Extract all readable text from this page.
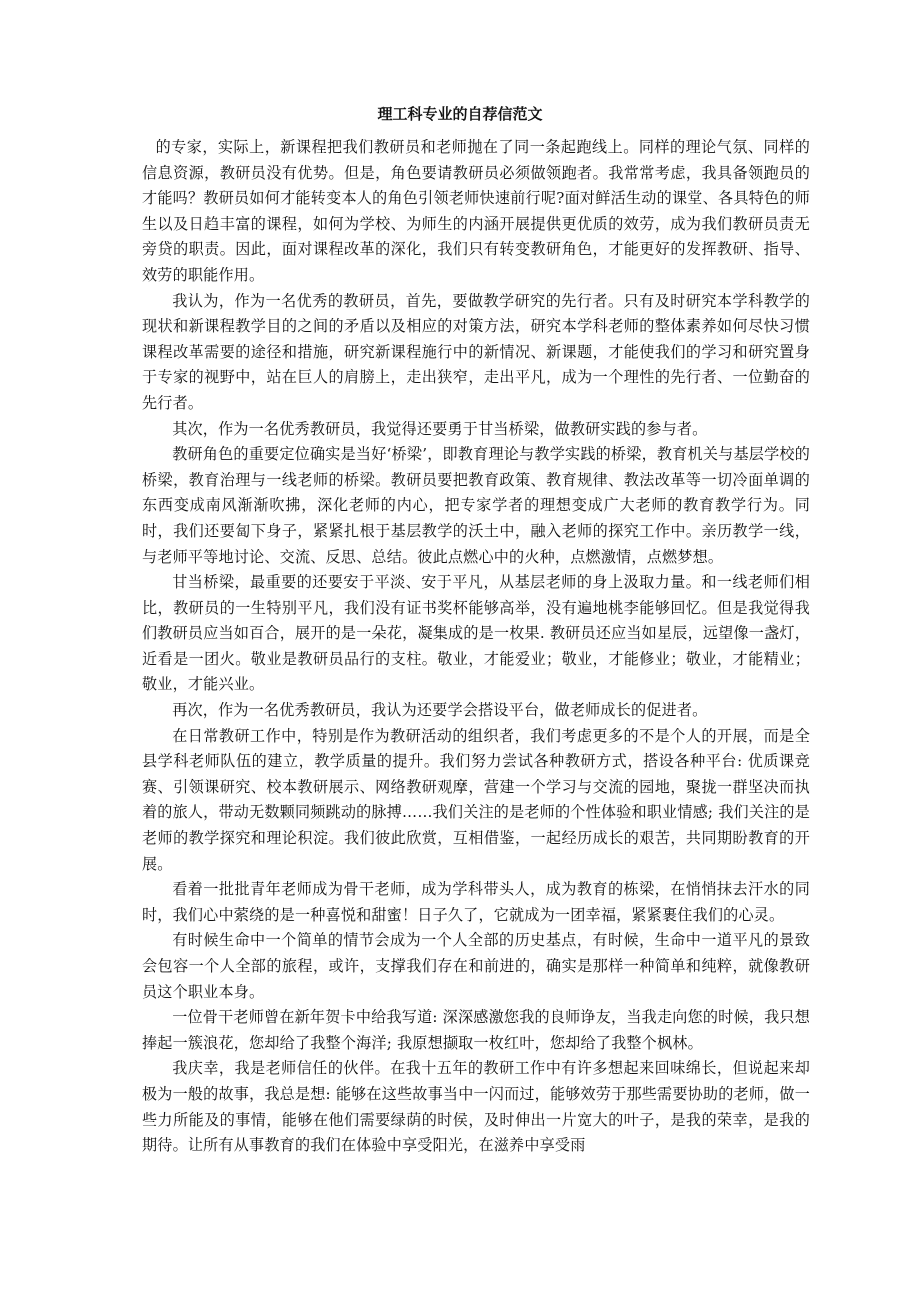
理工科专业的自荐信范文

的专家，实际上，新课程把我们教研员和老师抛在了同一条起跑线上。同样的理论气氛、同样的信息资源，教研员没有优势。但是，角色要请教研员必须做领跑者。我常常考虑，我具备领跑员的才能吗？教研员如何才能转变本人的角色引领老师快速前行呢?面对鲜活生动的课堂、各具特色的师生以及日趋丰富的课程，如何为学校、为师生的内涵开展提供更优质的效劳，成为我们教研员责无旁贷的职责。因此，面对课程改革的深化，我们只有转变教研角色，才能更好的发挥教研、指导、效劳的职能作用。

我认为，作为一名优秀的教研员，首先，要做教学研究的先行者。只有及时研究本学科教学的现状和新课程教学目的之间的矛盾以及相应的对策方法，研究本学科老师的整体素养如何尽快习惯课程改革需要的途径和措施，研究新课程施行中的新情况、新课题，才能使我们的学习和研究置身于专家的视野中，站在巨人的肩膀上，走出狭窄，走出平凡，成为一个理性的先行者、一位勤奋的先行者。

其次，作为一名优秀教研员，我觉得还要勇于甘当桥梁，做教研实践的参与者。

教研角色的重要定位确实是当好‘桥梁’，即教育理论与教学实践的桥梁，教育机关与基层学校的桥梁，教育治理与一线老师的桥梁。教研员要把教育政策、教育规律、教法改革等一切冷面单调的东西变成南风渐渐吹拂，深化老师的内心，把专家学者的理想变成广大老师的教育教学行为。同时，我们还要匐下身子，紧紧扎根于基层教学的沃土中，融入老师的探究工作中。亲历教学一线，与老师平等地讨论、交流、反思、总结。彼此点燃心中的火种，点燃激情，点燃梦想。

甘当桥梁，最重要的还要安于平淡、安于平凡，从基层老师的身上汲取力量。和一线老师们相比，教研员的一生特别平凡，我们没有证书奖杯能够高举，没有遍地桃李能够回忆。但是我觉得我们教研员应当如百合，展开的是一朵花，凝集成的是一枚果. 教研员还应当如星辰，远望像一盏灯，近看是一团火。敬业是教研员品行的支柱。敬业，才能爱业；敬业，才能修业；敬业，才能精业；敬业，才能兴业。

再次，作为一名优秀教研员，我认为还要学会搭设平台，做老师成长的促进者。

在日常教研工作中，特别是作为教研活动的组织者，我们考虑更多的不是个人的开展，而是全县学科老师队伍的建立，教学质量的提升。我们努力尝试各种教研方式，搭设各种平台: 优质课竞赛、引领课研究、校本教研展示、网络教研观摩，营建一个学习与交流的园地，聚拢一群坚决而执着的旅人，带动无数颗同频跳动的脉搏……我们关注的是老师的个性体验和职业情感; 我们关注的是老师的教学探究和理论积淀。我们彼此欣赏，互相借鉴，一起经历成长的艰苦，共同期盼教育的开展。

看着一批批青年老师成为骨干老师，成为学科带头人，成为教育的栋梁，在悄悄抹去汗水的同时，我们心中萦绕的是一种喜悦和甜蜜！日子久了，它就成为一团幸福，紧紧裹住我们的心灵。

有时候生命中一个简单的情节会成为一个人全部的历史基点，有时候，生命中一道平凡的景致会包容一个人全部的旅程，或许，支撑我们存在和前进的，确实是那样一种简单和纯粹，就像教研员这个职业本身。

一位骨干老师曾在新年贺卡中给我写道: 深深感激您我的良师诤友，当我走向您的时候，我只想捧起一簇浪花，您却给了我整个海洋; 我原想撷取一枚红叶，您却给了我整个枫林。

我庆幸，我是老师信任的伙伴。在我十五年的教研工作中有许多想起来回味绵长，但说起来却极为一般的故事，我总是想: 能够在这些故事当中一闪而过，能够效劳于那些需要协助的老师，做一些力所能及的事情，能够在他们需要绿荫的时侯，及时伸出一片宽大的叶子，是我的荣幸，是我的期待。让所有从事教育的我们在体验中享受阳光，在滋养中享受雨
